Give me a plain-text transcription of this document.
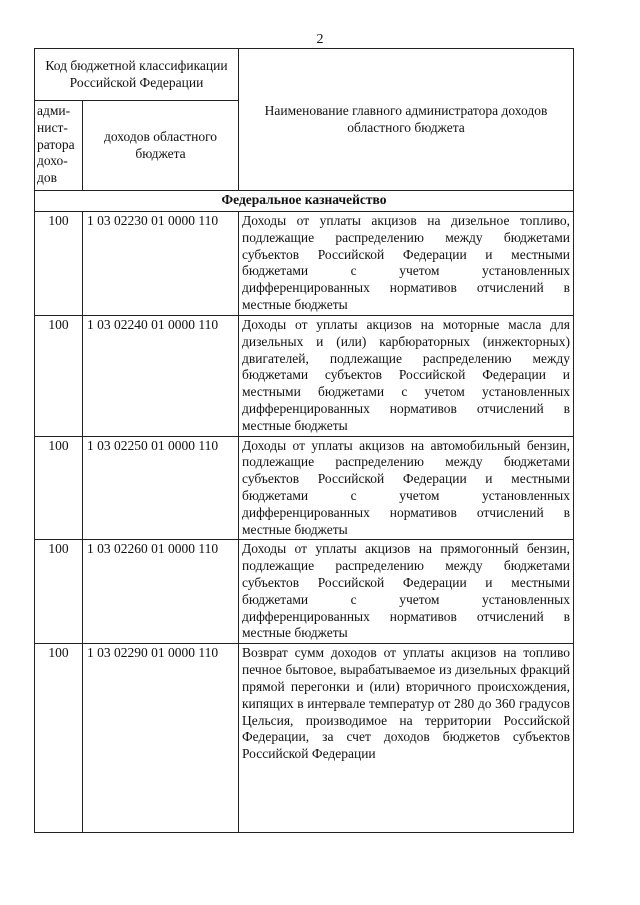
2
Код бюджетной классификации Российской Федерации		Наименование главного администратора доходов областного бюджета
адми-нист-ратора дохо-дов	доходов областного бюджета	
Федеральное казначейство		
100	1 03 02230 01 0000 110	Доходы от уплаты акцизов на дизельное топливо, подлежащие распределению между бюджетами субъектов Российской Федерации и местными бюджетами с учетом установленных дифференцированных нормативов отчислений в местные бюджеты
100	1 03 02240 01 0000 110	Доходы от уплаты акцизов на моторные масла для дизельных и (или) карбюраторных (инжекторных) двигателей, подлежащие распределению между бюджетами субъектов Российской Федерации и местными бюджетами с учетом установленных дифференцированных нормативов отчислений в местные бюджеты
100	1 03 02250 01 0000 110	Доходы от уплаты акцизов на автомобильный бензин, подлежащие распределению между бюджетами субъектов Российской Федерации и местными бюджетами с учетом установленных дифференцированных нормативов отчислений в местные бюджеты
100	1 03 02260 01 0000 110	Доходы от уплаты акцизов на прямогонный бензин, подлежащие распределению между бюджетами субъектов Российской Федерации и местными бюджетами с учетом установленных дифференцированных нормативов отчислений в местные бюджеты
100	1 03 02290 01 0000 110	Возврат сумм доходов от уплаты акцизов на топливо печное бытовое, вырабатываемое из дизельных фракций прямой перегонки и (или) вторичного происхождения, кипящих в интервале температур от 280 до 360 градусов Цельсия, производимое на территории Российской Федерации, за счет доходов бюджетов субъектов Российской Федерации
